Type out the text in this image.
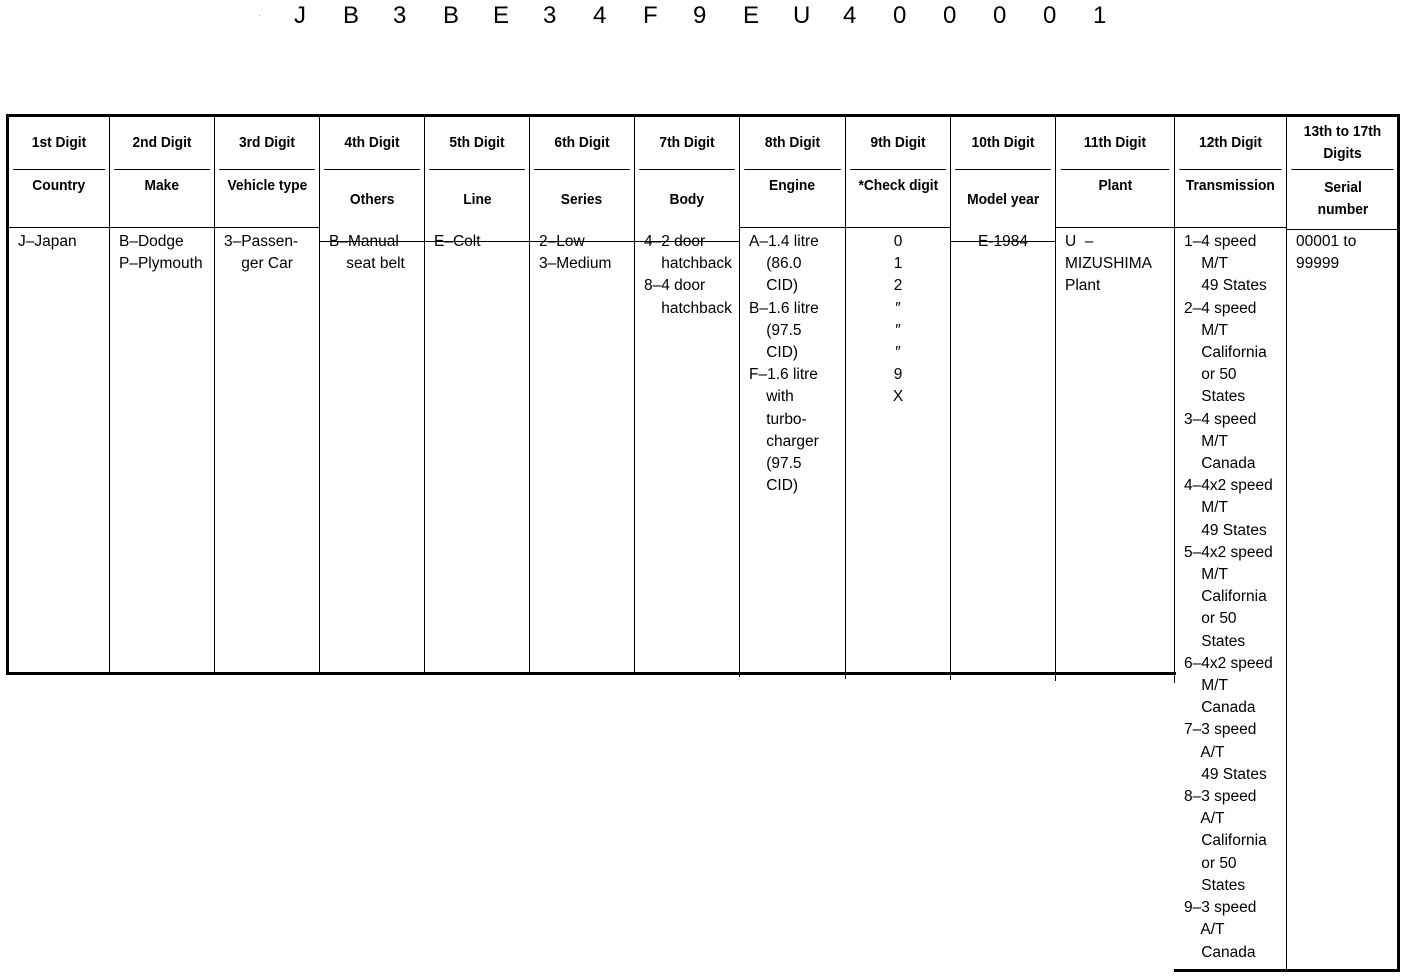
· J B 3 B E 3 4 F 9 E U 4 0 0 0 0 1
1st Digit
Country
J–Japan
2nd Digit
Make
B–Dodge
P–Plymouth
3rd Digit
Vehicle type
3–Passen-
ger Car
4th Digit
Others
B–Manual
seat belt
5th Digit
Line
E–Colt
6th Digit
Series
2–Low
3–Medium
7th Digit
Body
4–2 door
hatchback
8–4 door
hatchback
8th Digit
Engine
A–1.4 litre
(86.0
CID)
B–1.6 litre
(97.5
CID)
F–1.6 litre
with
turbo-
charger
(97.5
CID)
9th Digit
*Check digit
0
1
2
″
″
″
9
X
10th Digit
Model year
E-1984
11th Digit
Plant
U  –
MIZUSHIMA
Plant
12th Digit
Transmission
1–4 speed
M/T
49 States
2–4 speed
M/T
California
or 50
States
3–4 speed
M/T
Canada
4–4x2 speed
M/T
49 States
5–4x2 speed
M/T
California
or 50
States
6–4x2 speed
M/T
Canada
7–3 speed
A/T
49 States
8–3 speed
A/T
California
or 50
States
9–3 speed
A/T
Canada
13th to 17th Digits
Serial number
00001 to
99999
